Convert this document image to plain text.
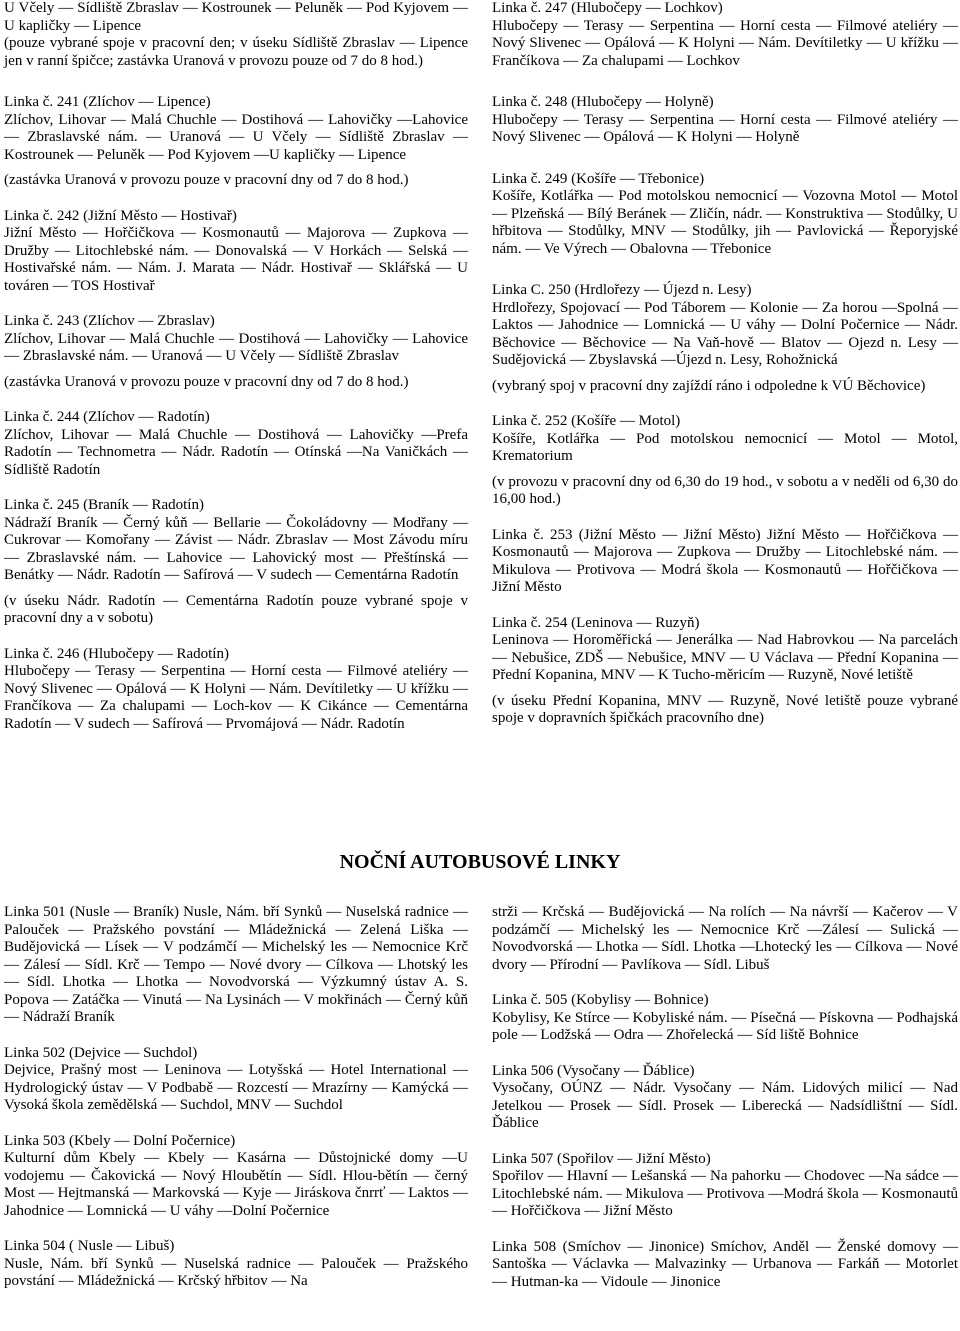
U Včely — Sídliště Zbraslav — Kostrounek — Peluněk — Pod Kyjovem — U kapličky — Lipence
(pouze vybrané spoje v pracovní den; v úseku Sídliště Zbraslav — Lipence jen v ranní špičce; zastávka Uranová v provozu pouze od 7 do 8 hod.)
Linka č. 241 (Zlíchov — Lipence)
Zlíchov, Lihovar — Malá Chuchle — Dostihová — Lahovičky —Lahovice — Zbraslavské nám. — Uranová — U Včely — Sídliště Zbraslav — Kostrounek — Peluněk — Pod Kyjovem —U kapličky — Lipence
(zastávka Uranová v provozu pouze v pracovní dny od 7 do 8 hod.)
Linka č. 242 (Jižní Město — Hostivař)
Jižní Město — Hořčičkova — Kosmonautů — Majorova — Zupkova — Družby — Litochlebské nám. — Donovalská — V Horkách — Selská — Hostivařské nám. — Nám. J. Marata — Nádr. Hostivař — Sklářská — U továren — TOS Hostivař
Linka č. 243 (Zlíchov — Zbraslav)
Zlíchov, Lihovar — Malá Chuchle — Dostihová — Lahovičky — Lahovice — Zbraslavské nám. — Uranová — U Včely — Sídliště Zbraslav
(zastávka Uranová v provozu pouze v pracovní dny od 7 do 8 hod.)
Linka č. 244 (Zlíchov — Radotín)
Zlíchov, Lihovar — Malá Chuchle — Dostihová — Lahovičky —Prefa Radotín — Technometra — Nádr. Radotín — Otínská —Na Vaničkách — Sídliště Radotín
Linka č. 245 (Braník — Radotín)
Nádraží Braník — Černý kůň — Bellarie — Čokoládovny — Modřany — Cukrovar — Komořany — Závist — Nádr. Zbraslav — Most Závodu míru — Zbraslavské nám. — Lahovice — Lahovický most — Přeštínská — Benátky — Nádr. Radotín — Safírová — V sudech — Cementárna Radotín
(v úseku Nádr. Radotín — Cementárna Radotín pouze vybrané spoje v pracovní dny a v sobotu)
Linka č. 246 (Hlubočepy — Radotín)
Hlubočepy — Terasy — Serpentina — Horní cesta — Filmové ateliéry — Nový Slivenec — Opálová — K Holyni — Nám. Devítiletky — U křížku — Frančíkova — Za chalupami — Loch-kov — K Cikánce — Cementárna Radotín — V sudech — Safírová — Prvomájová — Nádr. Radotín
Linka č. 247 (Hlubočepy — Lochkov)
Hlubočepy — Terasy — Serpentina — Horní cesta — Filmové ateliéry — Nový Slivenec — Opálová — K Holyni — Nám. Devítiletky — U křížku — Frančíkova — Za chalupami — Lochkov
Linka č. 248 (Hlubočepy — Holyně)
Hlubočepy — Terasy — Serpentina — Horní cesta — Filmové ateliéry — Nový Slivenec — Opálová — K Holyni — Holyně
Linka č. 249 (Košíře — Třebonice)
Košíře, Kotlářka — Pod motolskou nemocnicí — Vozovna Motol — Motol — Plzeňská — Bílý Beránek — Zličín, nádr. — Konstruktiva — Stodůlky, U hřbitova — Stodůlky, MNV — Stodůlky, jih — Pavlovická — Řeporyjské nám. — Ve Výrech — Obalovna — Třebonice
Linka C. 250 (Hrdlořezy — Újezd n. Lesy)
Hrdlořezy, Spojovací — Pod Táborem — Kolonie — Za horou —Spolná — Laktos — Jahodnice — Lomnická — U váhy — Dolní Počernice — Nádr. Běchovice — Běchovice — Na Vaň-hově — Blatov — Ojezd n. Lesy — Sudějovická — Zbyslavská —Újezd n. Lesy, Rohožnická
(vybraný spoj v pracovní dny zajíždí ráno i odpoledne k VÚ Běchovice)
Linka č. 252 (Košíře — Motol)
Košíře, Kotlářka — Pod motolskou nemocnicí — Motol — Motol, Krematorium
(v provozu v pracovní dny od 6,30 do 19 hod., v sobotu a v neděli od 6,30 do 16,00 hod.)
Linka č. 253 (Jižní Město — Jižní Město) Jižní Město — Hořčičkova — Kosmonautů — Majorova — Zupkova — Družby — Litochlebské nám. — Mikulova — Protivova — Modrá škola — Kosmonautů — Hořčičkova — Jižní Město
Linka č. 254 (Leninova — Ruzyň)
Leninova — Horoměřická — Jenerálka — Nad Habrovkou — Na parcelách — Nebušice, ZDŠ — Nebušice, MNV — U Václava — Přední Kopanina — Přední Kopanina, MNV — K Tucho-měricím — Ruzyně, Nové letiště
(v úseku Přední Kopanina, MNV — Ruzyně, Nové letiště pouze vybrané spoje v dopravních špičkách pracovního dne)
NOČNÍ AUTOBUSOVÉ LINKY
Linka 501 (Nusle — Braník) Nusle, Nám. bří Synků — Nuselská radnice — Palouček — Pražského povstání — Mládežnická — Zelená Liška — Budějovická — Lísek — V podzámčí — Michelský les — Nemocnice Krč — Zálesí — Sídl. Krč — Tempo — Nové dvory — Cílkova — Lhotský les — Sídl. Lhotka — Lhotka — Novodvorská — Výzkumný ústav A. S. Popova — Zatáčka — Vinutá — Na Lysinách — V mokřinách — Černý kůň — Nádraží Braník
Linka 502 (Dejvice — Suchdol)
Dejvice, Prašný most — Leninova — Lotyšská — Hotel International — Hydrologický ústav — V Podbabě — Rozcestí — Mrazírny — Kamýcká — Vysoká škola zemědělská — Suchdol, MNV — Suchdol
Linka 503 (Kbely — Dolní Počernice)
Kulturní dům Kbely — Kbely — Kasárna — Důstojnické domy —U vodojemu — Čakovická — Nový Hloubětín — Sídl. Hlou-bětín — černý Most — Hejtmanská — Markovská — Kyje — Jiráskova čnrrť — Laktos — Jahodnice — Lomnická — U váhy —Dolní Počernice
Linka 504 ( Nusle — Libuš)
Nusle, Nám. bří Synků — Nuselská radnice — Palouček — Pražského povstání — Mládežnická — Krčský hřbitov — Na
strži — Krčská — Budějovická — Na rolích — Na návrší — Kačerov — V podzámčí — Michelský les — Nemocnice Krč —Zálesí — Sulická — Novodvorská — Lhotka — Sídl. Lhotka —Lhotecký les — Cílkova — Nové dvory — Přírodní — Pavlíkova — Sídl. Libuš
Linka č. 505 (Kobylisy — Bohnice)
Kobylisy, Ke Stírce — Kobyliské nám. — Písečná — Pískovna — Podhajská pole — Lodžská — Odra — Zhořelecká — Síd liště Bohnice
Linka 506 (Vysočany — Ďáblice)
Vysočany, OÚNZ — Nádr. Vysočany — Nám. Lidových milicí — Nad Jetelkou — Prosek — Sídl. Prosek — Liberecká — Nadsídlištní — Sídl. Ďáblice
Linka 507 (Spořilov — Jižní Město)
Spořilov — Hlavní — Lešanská — Na pahorku — Chodovec —Na sádce — Litochlebské nám. — Mikulova — Protivova —Modrá škola — Kosmonautů — Hořčičkova — Jižní Město
Linka 508 (Smíchov — Jinonice) Smíchov, Anděl — Ženské domovy — Santoška — Václavka — Malvazinky — Urbanova — Farkáň — Motorlet — Hutman-ka — Vidoule — Jinonice
